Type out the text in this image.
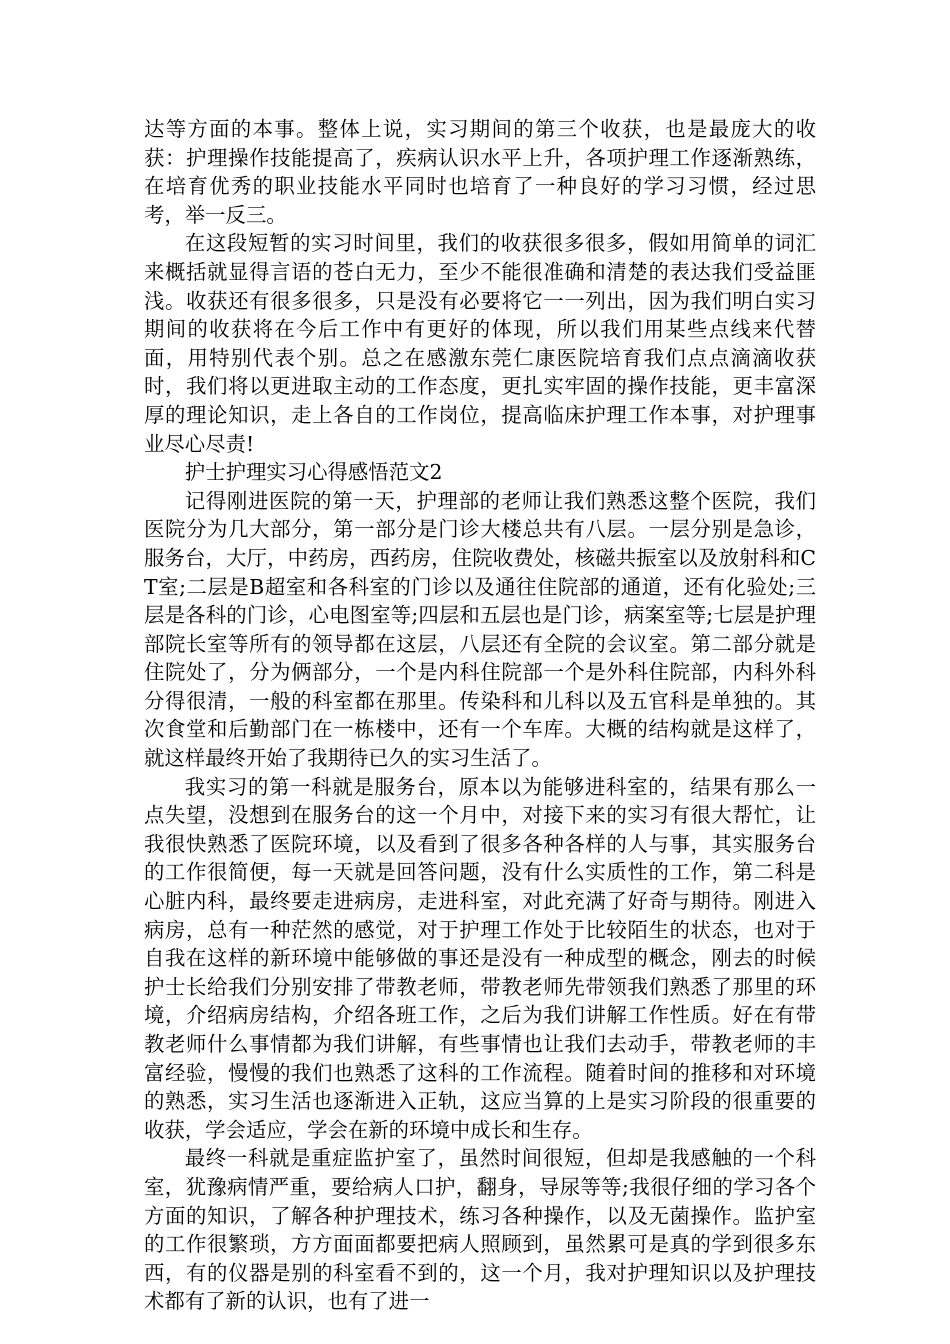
达等方面的本事。整体上说，实习期间的第三个收获，也是最庞大的收获：护理操作技能提高了，疾病认识水平上升，各项护理工作逐渐熟练，在培育优秀的职业技能水平同时也培育了一种良好的学习习惯，经过思考，举一反三。

在这段短暂的实习时间里，我们的收获很多很多，假如用简单的词汇来概括就显得言语的苍白无力，至少不能很准确和清楚的表达我们受益匪浅。收获还有很多很多，只是没有必要将它一一列出，因为我们明白实习期间的收获将在今后工作中有更好的体现，所以我们用某些点线来代替面，用特别代表个别。总之在感激东莞仁康医院培育我们点点滴滴收获时，我们将以更进取主动的工作态度，更扎实牢固的操作技能，更丰富深厚的理论知识，走上各自的工作岗位，提高临床护理工作本事，对护理事业尽心尽责!

护士护理实习心得感悟范文2

记得刚进医院的第一天，护理部的老师让我们熟悉这整个医院，我们医院分为几大部分，第一部分是门诊大楼总共有八层。一层分别是急诊，服务台，大厅，中药房，西药房，住院收费处，核磁共振室以及放射科和CT室;二层是B超室和各科室的门诊以及通往住院部的通道，还有化验处;三层是各科的门诊，心电图室等;四层和五层也是门诊，病案室等;七层是护理部院长室等所有的领导都在这层，八层还有全院的会议室。第二部分就是住院处了，分为俩部分，一个是内科住院部一个是外科住院部，内科外科分得很清，一般的科室都在那里。传染科和儿科以及五官科是单独的。其次食堂和后勤部门在一栋楼中，还有一个车库。大概的结构就是这样了，就这样最终开始了我期待已久的实习生活了。

我实习的第一科就是服务台，原本以为能够进科室的，结果有那么一点失望，没想到在服务台的这一个月中，对接下来的实习有很大帮忙，让我很快熟悉了医院环境，以及看到了很多各种各样的人与事，其实服务台的工作很简便，每一天就是回答问题，没有什么实质性的工作，第二科是心脏内科，最终要走进病房，走进科室，对此充满了好奇与期待。刚进入病房，总有一种茫然的感觉，对于护理工作处于比较陌生的状态，也对于自我在这样的新环境中能够做的事还是没有一种成型的概念，刚去的时候护士长给我们分别安排了带教老师，带教老师先带领我们熟悉了那里的环境，介绍病房结构，介绍各班工作，之后为我们讲解工作性质。好在有带教老师什么事情都为我们讲解，有些事情也让我们去动手，带教老师的丰富经验，慢慢的我们也熟悉了这科的工作流程。随着时间的推移和对环境的熟悉，实习生活也逐渐进入正轨，这应当算的上是实习阶段的很重要的收获，学会适应，学会在新的环境中成长和生存。

最终一科就是重症监护室了，虽然时间很短，但却是我感触的一个科室，犹豫病情严重，要给病人口护，翻身，导尿等等;我很仔细的学习各个方面的知识，了解各种护理技术，练习各种操作，以及无菌操作。监护室的工作很繁琐，方方面面都要把病人照顾到，虽然累可是真的学到很多东西，有的仪器是别的科室看不到的，这一个月，我对护理知识以及护理技术都有了新的认识，也有了进一
